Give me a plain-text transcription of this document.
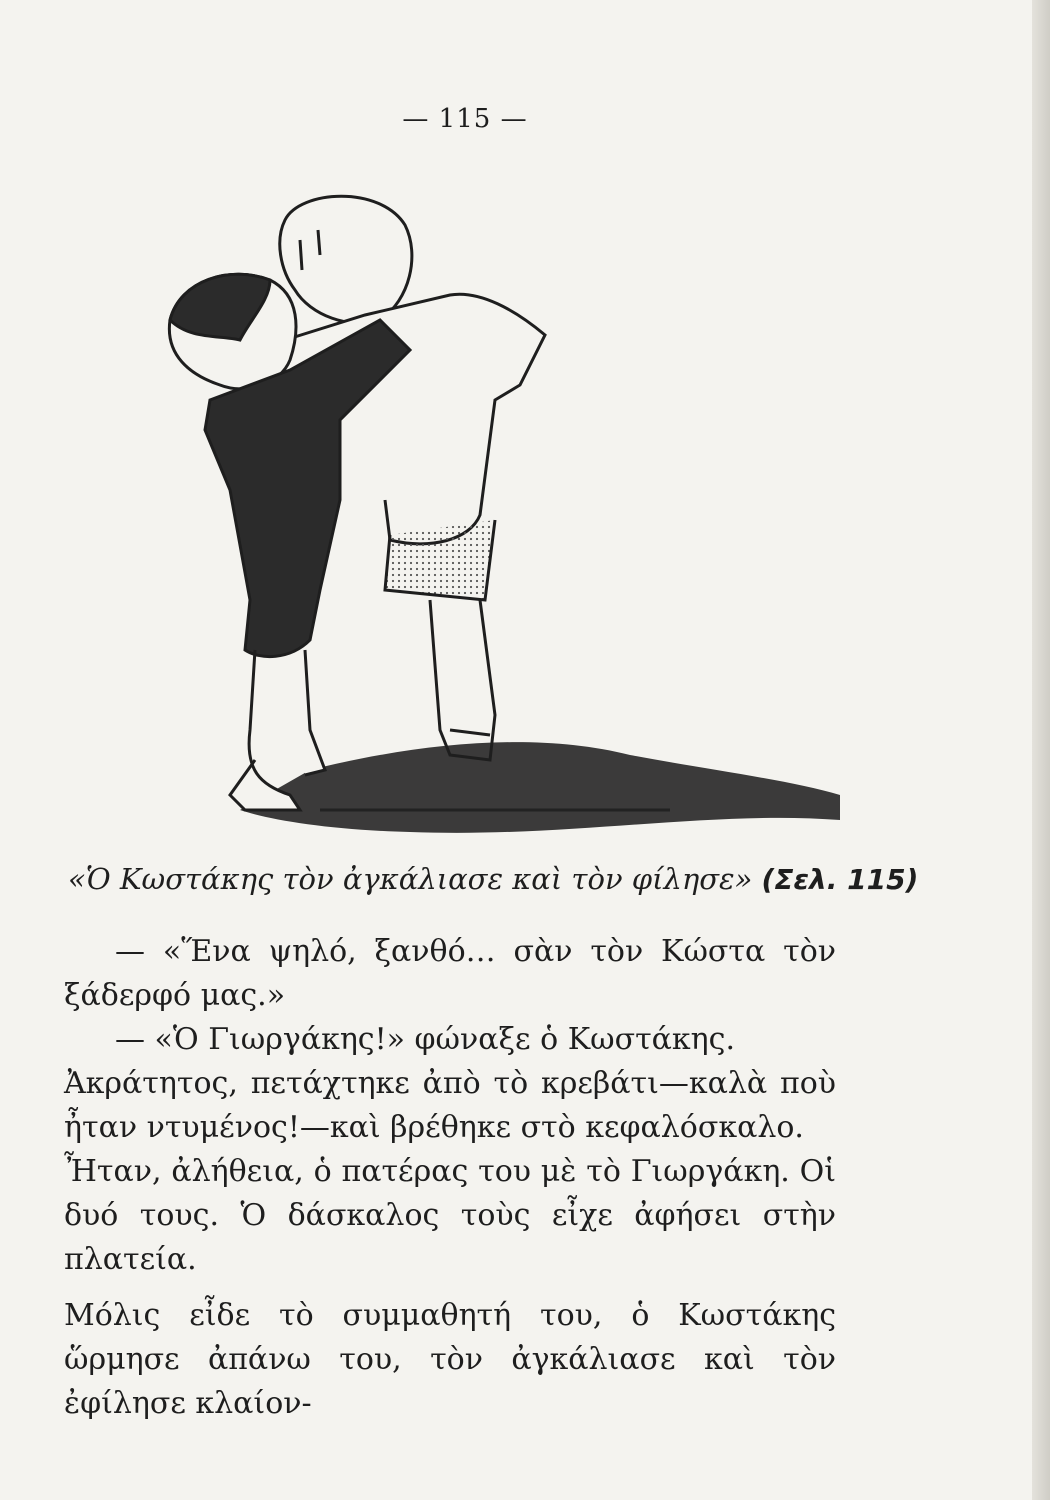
— 115 —
«Ὁ Κωστάκης τὸν ἀγκάλιασε καὶ τὸν φίλησε» (Σελ. 115)

— «Ἕνα ψηλό, ξανθό… σὰν τὸν Κώστα τὸν ξάδερφό μας.»

— «Ὁ Γιωργάκης!» φώναξε ὁ Κωστάκης.

Ἀκράτητος, πετάχτηκε ἀπὸ τὸ κρεβάτι—καλὰ ποὺ ἦταν ντυμένος!—καὶ βρέθηκε στὸ κεφαλόσκαλο.

Ἦταν, ἀλήθεια, ὁ πατέρας του μὲ τὸ Γιωργάκη. Οἱ δυό τους. Ὁ δάσκαλος τοὺς εἶχε ἀφήσει στὴν πλατεία.

Μόλις εἶδε τὸ συμμαθητή του, ὁ Κωστάκης ὥρμησε ἀπάνω του, τὸν ἀγκάλιασε καὶ τὸν ἐφίλησε κλαίον-
